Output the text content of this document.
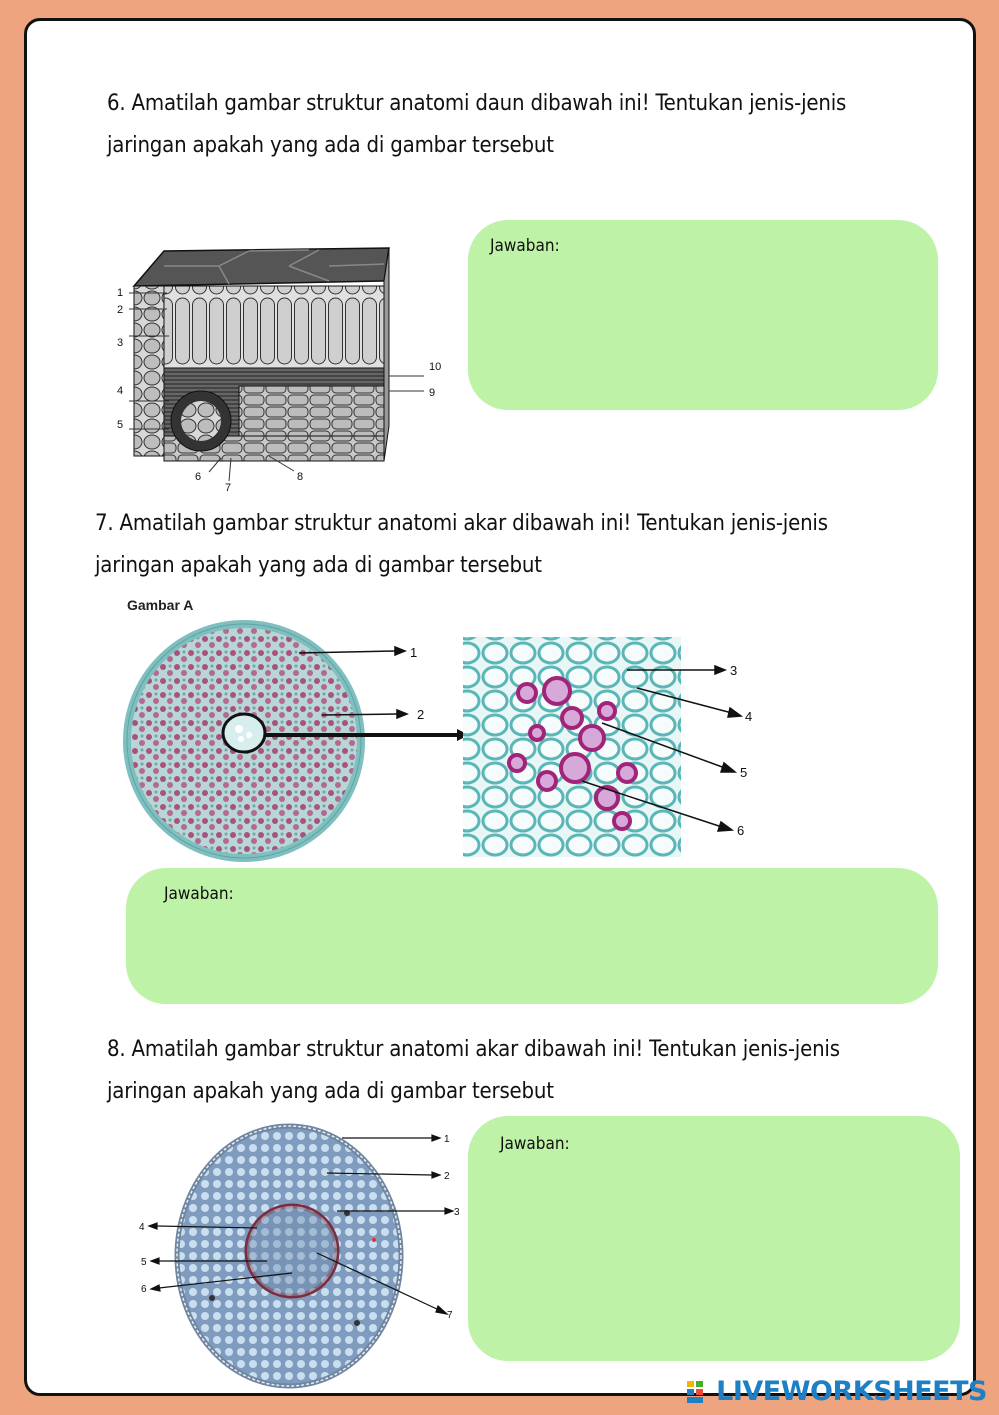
6. Amatilah gambar struktur anatomi daun dibawah ini! Tentukan jenis-jenis
jaringan apakah yang ada di gambar tersebut
1
2
3
4
5
6
7
8
9
10
Jawaban:
7. Amatilah gambar struktur anatomi akar dibawah ini! Tentukan jenis-jenis
jaringan apakah yang ada di gambar tersebut
Gambar A
1
2
3
4
5
6
Jawaban:
8. Amatilah gambar struktur anatomi akar dibawah ini! Tentukan jenis-jenis
jaringan apakah yang ada di gambar tersebut
1
2
3
4
5
6
7
Jawaban:
LIVEWORKSHEETS
